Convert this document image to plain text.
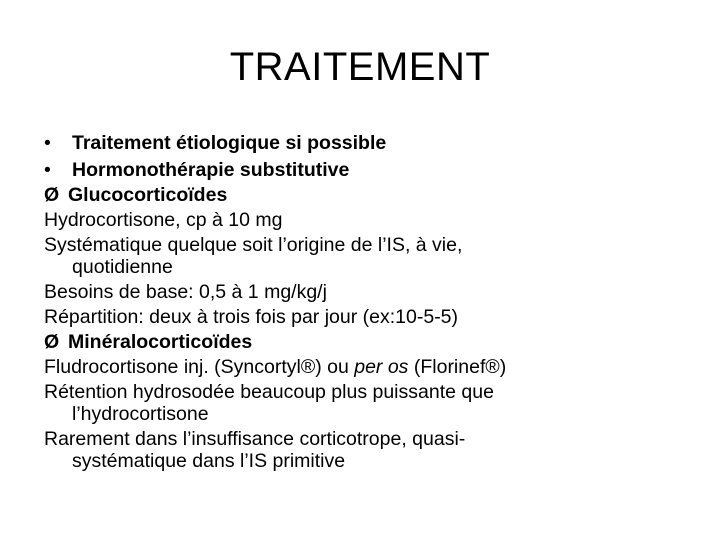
TRAITEMENT
• Traitement étiologique si possible
• Hormonothérapie substitutive
Ø Glucocorticoïdes
Hydrocortisone, cp à 10 mg
Systématique quelque soit l’origine de l’IS, à vie,
quotidienne
Besoins de base: 0,5 à 1 mg/kg/j
Répartition: deux à trois fois par jour (ex:10-5-5)
Ø Minéralocorticoïdes
Fludrocortisone inj. (Syncortyl®) ou per os (Florinef®)
Rétention hydrosodée beaucoup plus puissante que
l’hydrocortisone
Rarement dans l’insuffisance corticotrope, quasi-
systématique dans l’IS primitive
